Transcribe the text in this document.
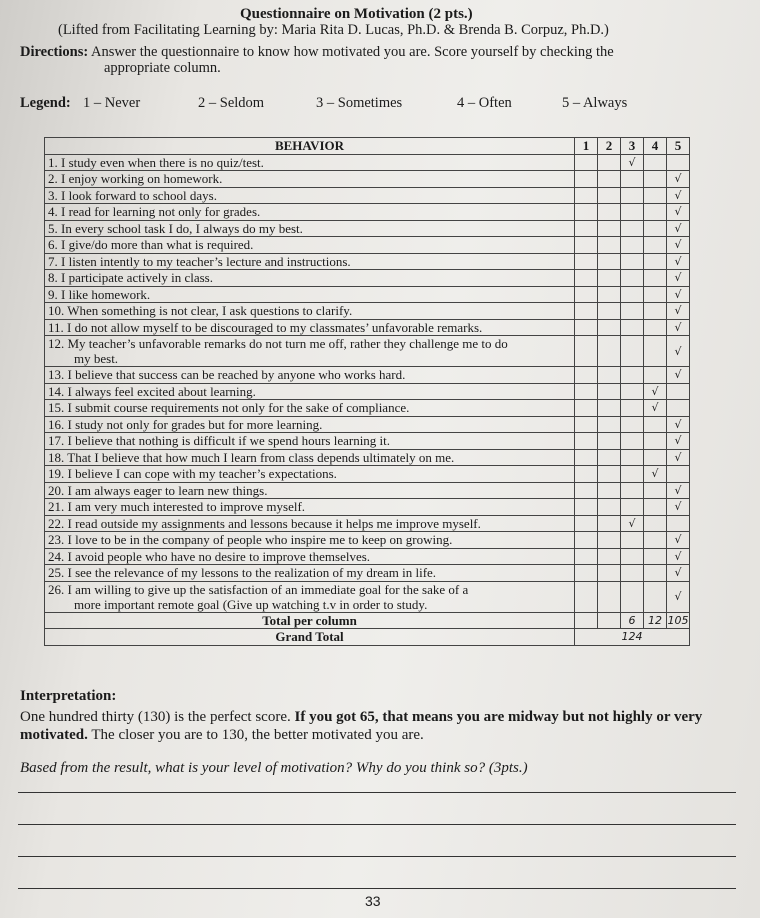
Questionnaire on Motivation (2 pts.)
(Lifted from Facilitating Learning by: Maria Rita D. Lucas, Ph.D. & Brenda B. Corpuz, Ph.D.)
Directions: Answer the questionnaire to know how motivated you are. Score yourself by checking the
appropriate column.
Legend: 1 – Never	2 – Seldom	3 – Sometimes	4 – Often	5 – Always
BEHAVIOR	1	2	3	4	5
1. I study even when there is no quiz/test.			√		
2. I enjoy working on homework.					√
3. I look forward to school days.					√
4. I read for learning not only for grades.					√
5. In every school task I do, I always do my best.					√
6. I give/do more than what is required.					√
7. I listen intently to my teacher’s lecture and instructions.					√
8. I participate actively in class.					√
9. I like homework.					√
10. When something is not clear, I ask questions to clarify.					√
11. I do not allow myself to be discouraged to my classmates’ unfavorable remarks.					√
12. My teacher’s unfavorable remarks do not turn me off, rather they challenge me to do
my best.					√
13. I believe that success can be reached by anyone who works hard.					√
14. I always feel excited about learning.				√	
15. I submit course requirements not only for the sake of compliance.				√	
16. I study not only for grades but for more learning.					√
17. I believe that nothing is difficult if we spend hours learning it.					√
18. That I believe that how much I learn from class depends ultimately on me.					√
19. I believe I can cope with my teacher’s expectations.				√	
20. I am always eager to learn new things.					√
21. I am very much interested to improve myself.					√
22. I read outside my assignments and lessons because it helps me improve myself.			√		
23. I love to be in the company of people who inspire me to keep on growing.					√
24. I avoid people who have no desire to improve themselves.					√
25. I see the relevance of my lessons to the realization of my dream in life.					√
26. I am willing to give up the satisfaction of an immediate goal for the sake of a
more important remote goal (Give up watching t.v in order to study.					√
Total per column			6	12	105
Grand Total	124				
Interpretation:
One hundred thirty (130) is the perfect score. If you got 65, that means you are midway but not highly or very motivated. The closer you are to 130, the better motivated you are.
Based from the result, what is your level of motivation? Why do you think so? (3pts.)
33
